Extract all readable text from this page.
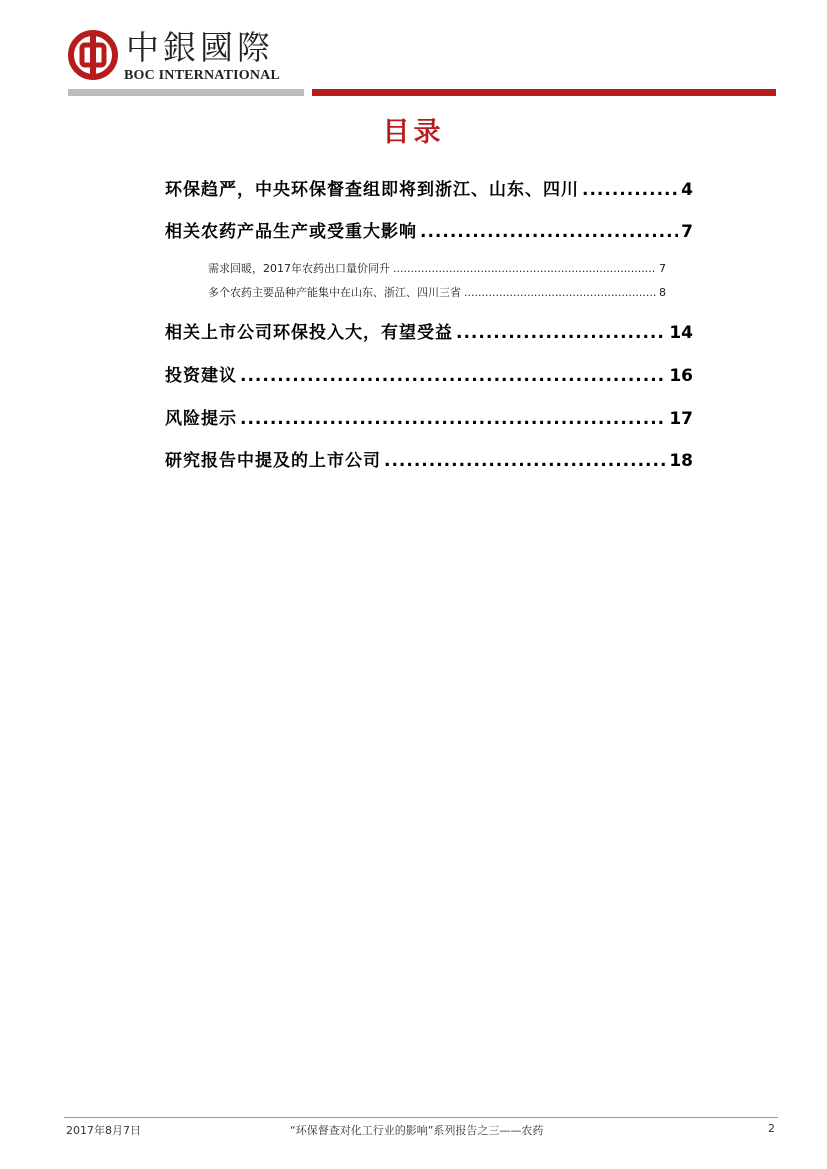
中銀國際
BOC INTERNATIONAL
目录
环保趋严，中央环保督查组即将到浙江、山东、四川 .....	4
相关农药产品生产或受重大影响 .....	7
需求回暖，2017年农药出口量价同升 .....	7
多个农药主要品种产能集中在山东、浙江、四川三省 .....	8
相关上市公司环保投入大，有望受益 .....	14
投资建议 .....	16
风险提示 .....	17
研究报告中提及的上市公司 .....	18
2017年8月7日	“环保督查对化工行业的影响”系列报告之三——农药	2
